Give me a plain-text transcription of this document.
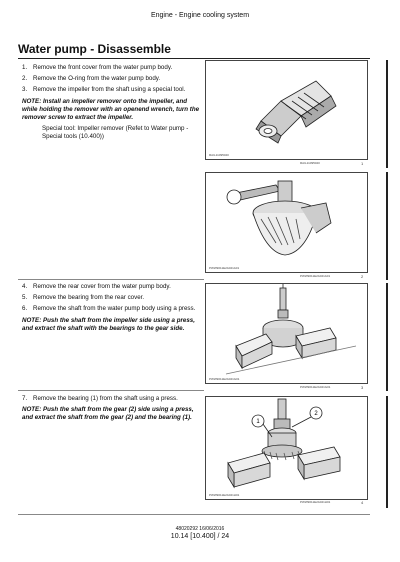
Engine - Engine cooling system
Water pump - Disassemble
1. Remove the front cover from the water pump body.
2. Remove the O-ring from the water pump body.
3. Remove the impeller from the shaft using a special tool.
NOTE: Install an impeller remover onto the impeller, and while holding the remover with an openend wrench, turn the remover screw to extract the impeller.
Special tool: Impeller remover (Refet to Water pump - Special tools (10.400))
RAIL11095020
RAIL11095020	1
PWW9011E2A021A01
PWW9011E2A021A01	2
4. Remove the rear cover from the water pump body.
5. Remove the bearing from the rear cover.
6. Remove the shaft from the water pump body using a press.
NOTE: Push the shaft from the impeller side using a press, and extract the shaft with the bearings to the gear side.
PWW9011E2A021G01
PWW9011E2A021G01	3
7. Remove the bearing (1) from the shaft using a press.
NOTE: Push the shaft from the gear (2) side using a press, and extract the shaft from the gear (2) and the bearing (1).
1
2
PWW9011E2A021H01
PWW9011E2A021H01	4
48020292 16/06/2016
10.14 [10.400] / 24
